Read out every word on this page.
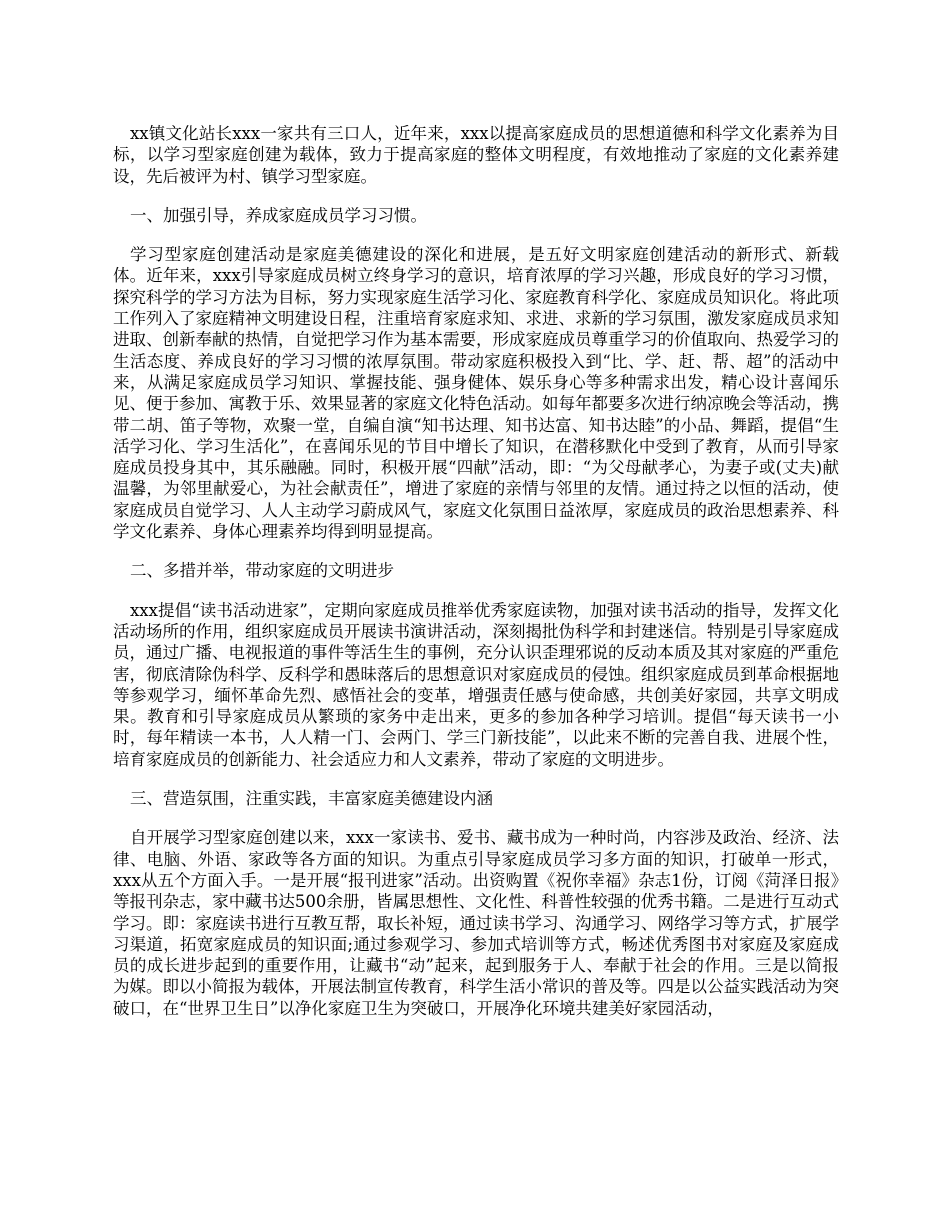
xx镇文化站长xxx一家共有三口人，近年来，xxx以提高家庭成员的思想道德和科学文化素养为目标，以学习型家庭创建为载体，致力于提高家庭的整体文明程度，有效地推动了家庭的文化素养建设，先后被评为村、镇学习型家庭。

一、加强引导，养成家庭成员学习习惯。

学习型家庭创建活动是家庭美德建设的深化和进展，是五好文明家庭创建活动的新形式、新载体。近年来，xxx引导家庭成员树立终身学习的意识，培育浓厚的学习兴趣，形成良好的学习习惯，探究科学的学习方法为目标，努力实现家庭生活学习化、家庭教育科学化、家庭成员知识化。将此项工作列入了家庭精神文明建设日程，注重培育家庭求知、求进、求新的学习氛围，激发家庭成员求知进取、创新奉献的热情，自觉把学习作为基本需要，形成家庭成员尊重学习的价值取向、热爱学习的生活态度、养成良好的学习习惯的浓厚氛围。带动家庭积极投入到“比、学、赶、帮、超”的活动中来，从满足家庭成员学习知识、掌握技能、强身健体、娱乐身心等多种需求出发，精心设计喜闻乐见、便于参加、寓教于乐、效果显著的家庭文化特色活动。如每年都要多次进行纳凉晚会等活动，携带二胡、笛子等物，欢聚一堂，自编自演“知书达理、知书达富、知书达睦”的小品、舞蹈，提倡“生活学习化、学习生活化”，在喜闻乐见的节目中增长了知识，在潜移默化中受到了教育，从而引导家庭成员投身其中，其乐融融。同时，积极开展“四献”活动，即：“为父母献孝心，为妻子或(丈夫)献温馨，为邻里献爱心，为社会献责任”，增进了家庭的亲情与邻里的友情。通过持之以恒的活动，使家庭成员自觉学习、人人主动学习蔚成风气，家庭文化氛围日益浓厚，家庭成员的政治思想素养、科学文化素养、身体心理素养均得到明显提高。

二、多措并举，带动家庭的文明进步

xxx提倡“读书活动进家”，定期向家庭成员推举优秀家庭读物，加强对读书活动的指导，发挥文化活动场所的作用，组织家庭成员开展读书演讲活动，深刻揭批伪科学和封建迷信。特别是引导家庭成员，通过广播、电视报道的事件等活生生的事例，充分认识歪理邪说的反动本质及其对家庭的严重危害，彻底清除伪科学、反科学和愚昧落后的思想意识对家庭成员的侵蚀。组织家庭成员到革命根据地等参观学习，缅怀革命先烈、感悟社会的变革，增强责任感与使命感，共创美好家园，共享文明成果。教育和引导家庭成员从繁琐的家务中走出来，更多的参加各种学习培训。提倡“每天读书一小时，每年精读一本书，人人精一门、会两门、学三门新技能”，以此来不断的完善自我、进展个性，培育家庭成员的创新能力、社会适应力和人文素养，带动了家庭的文明进步。

三、营造氛围，注重实践，丰富家庭美德建设内涵

自开展学习型家庭创建以来，xxx一家读书、爱书、藏书成为一种时尚，内容涉及政治、经济、法律、电脑、外语、家政等各方面的知识。为重点引导家庭成员学习多方面的知识，打破单一形式，xxx从五个方面入手。一是开展“报刊进家”活动。出资购置《祝你幸福》杂志1份，订阅《菏泽日报》等报刊杂志，家中藏书达500余册，皆属思想性、文化性、科普性较强的优秀书籍。二是进行互动式学习。即：家庭读书进行互教互帮，取长补短，通过读书学习、沟通学习、网络学习等方式，扩展学习渠道，拓宽家庭成员的知识面;通过参观学习、参加式培训等方式，畅述优秀图书对家庭及家庭成员的成长进步起到的重要作用，让藏书“动”起来，起到服务于人、奉献于社会的作用。三是以简报为媒。即以小简报为载体，开展法制宣传教育，科学生活小常识的普及等。四是以公益实践活动为突破口，在“世界卫生日”以净化家庭卫生为突破口，开展净化环境共建美好家园活动，
